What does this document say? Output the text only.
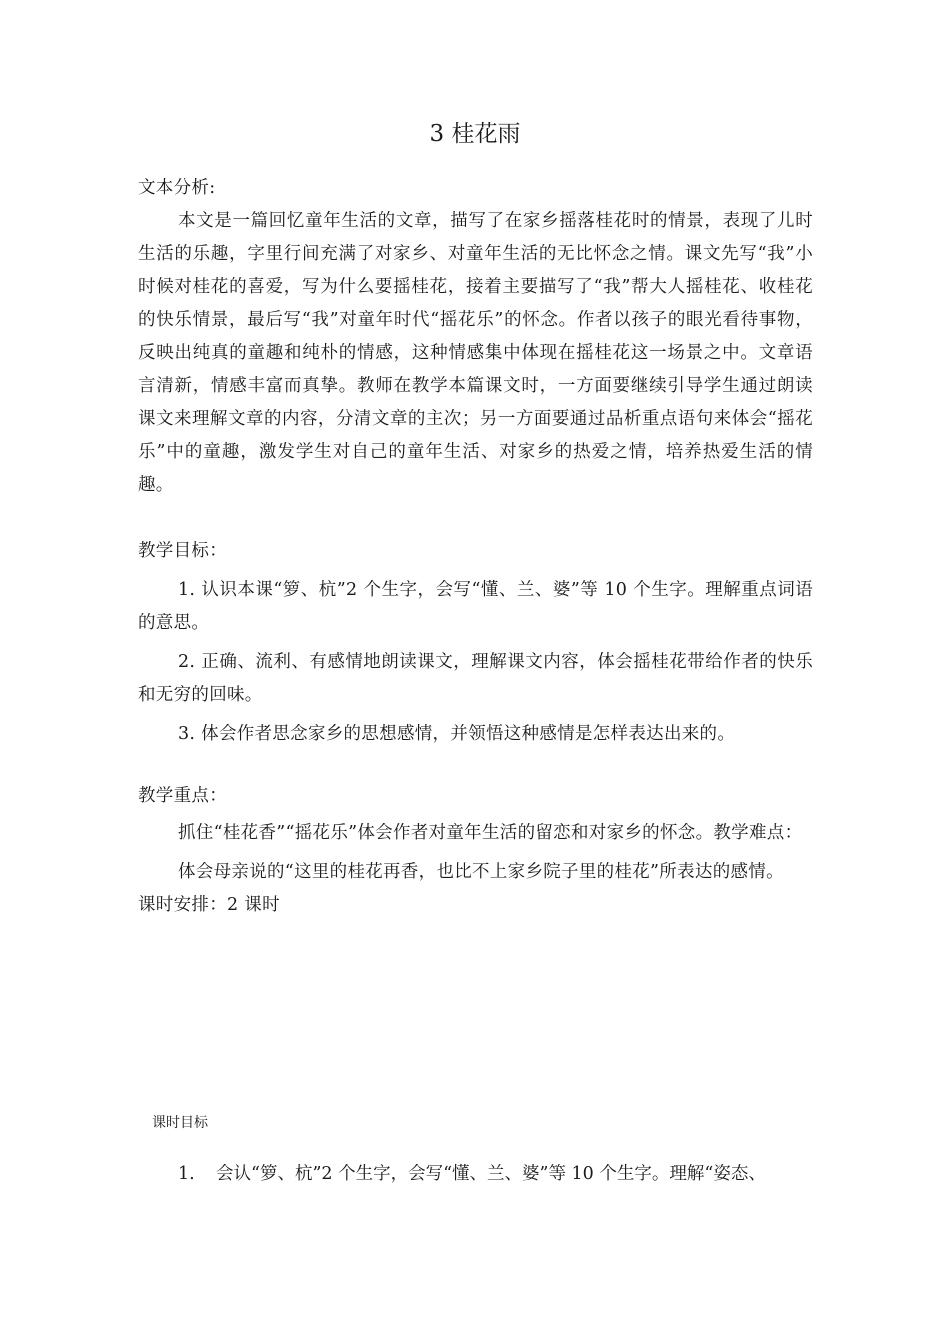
3 桂花雨

文本分析:

本文是一篇回忆童年生活的文章，描写了在家乡摇落桂花时的情景，表现了儿时生活的乐趣，字里行间充满了对家乡、对童年生活的无比怀念之情。课文先写“我”小时候对桂花的喜爱，写为什么要摇桂花，接着主要描写了“我”帮大人摇桂花、收桂花的快乐情景，最后写“我”对童年时代“摇花乐”的怀念。作者以孩子的眼光看待事物，反映出纯真的童趣和纯朴的情感，这种情感集中体现在摇桂花这一场景之中。文章语言清新，情感丰富而真挚。教师在教学本篇课文时，一方面要继续引导学生通过朗读课文来理解文章的内容，分清文章的主次；另一方面要通过品析重点语句来体会“摇花乐”中的童趣，激发学生对自己的童年生活、对家乡的热爱之情，培养热爱生活的情趣。

教学目标：

1. 认识本课“箩、杭”2 个生字，会写“懂、兰、婆”等 10 个生字。理解重点词语的意思。

2. 正确、流利、有感情地朗读课文，理解课文内容，体会摇桂花带给作者的快乐和无穷的回味。

3. 体会作者思念家乡的思想感情，并领悟这种感情是怎样表达出来的。

教学重点：

抓住“桂花香”“摇花乐”体会作者对童年生活的留恋和对家乡的怀念。教学难点：

体会母亲说的“这里的桂花再香，也比不上家乡院子里的桂花”所表达的感情。

课时安排：2 课时

课时目标
1. 会认“箩、杭”2 个生字，会写“懂、兰、婆”等 10 个生字。理解“姿态、
